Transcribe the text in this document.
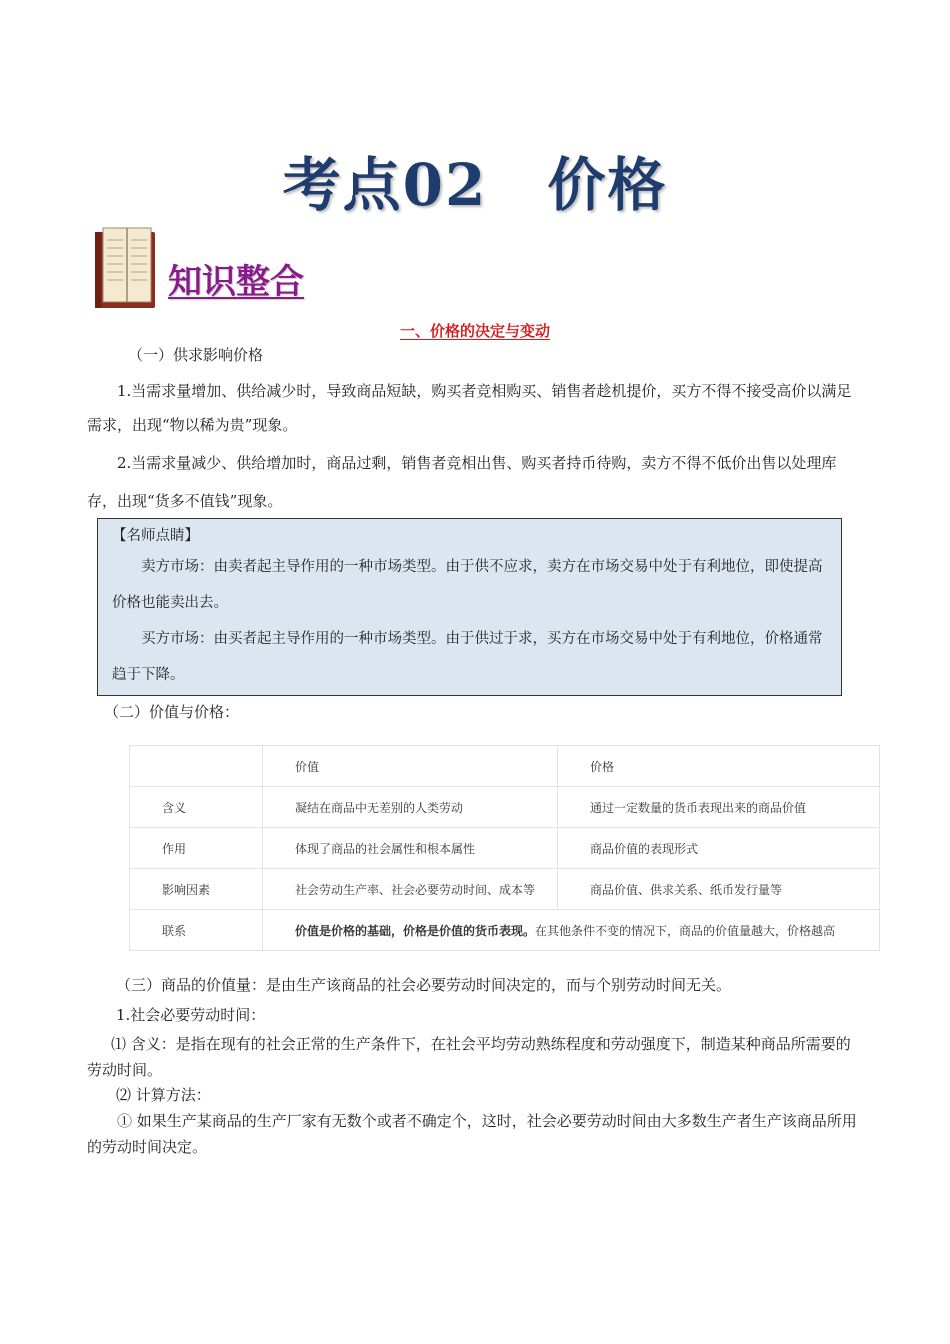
考点02 价格
知识整合
一、价格的决定与变动
（一）供求影响价格
1.当需求量增加、供给减少时，导致商品短缺，购买者竞相购买、销售者趁机提价，买方不得不接受高价以满足需求，出现“物以稀为贵”现象。
2.当需求量减少、供给增加时，商品过剩，销售者竞相出售、购买者持币待购，卖方不得不低价出售以处理库存，出现“货多不值钱”现象。
【名师点睛】
卖方市场：由卖者起主导作用的一种市场类型。由于供不应求，卖方在市场交易中处于有利地位，即使提高价格也能卖出去。
买方市场：由买者起主导作用的一种市场类型。由于供过于求，买方在市场交易中处于有利地位，价格通常趋于下降。
（二）价值与价格：
	价值	价格
含义	凝结在商品中无差别的人类劳动	通过一定数量的货币表现出来的商品价值
作用	体现了商品的社会属性和根本属性	商品价值的表现形式
影响因素	社会劳动生产率、社会必要劳动时间、成本等	商品价值、供求关系、纸币发行量等
联系	价值是价格的基础，价格是价值的货币表现。在其他条件不变的情况下，商品的价值量越大，价格越高	
（三）商品的价值量：是由生产该商品的社会必要劳动时间决定的，而与个别劳动时间无关。
1.社会必要劳动时间：
⑴ 含义：是指在现有的社会正常的生产条件下，在社会平均劳动熟练程度和劳动强度下，制造某种商品所需要的劳动时间。
⑵ 计算方法：
① 如果生产某商品的生产厂家有无数个或者不确定个，这时，社会必要劳动时间由大多数生产者生产该商品所用的劳动时间决定。
